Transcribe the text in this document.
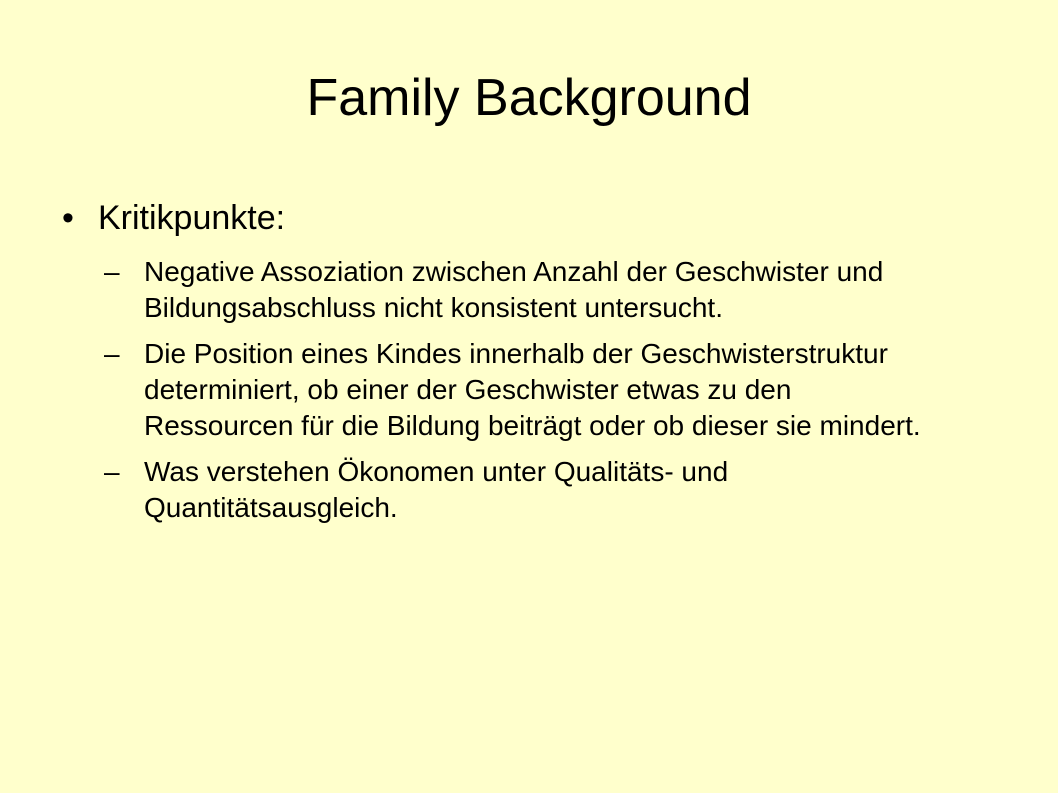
Family Background
• Kritikpunkte:
– Negative Assoziation zwischen Anzahl der Geschwister und Bildungsabschluss nicht konsistent untersucht.
– Die Position eines Kindes innerhalb der Geschwisterstruktur determiniert, ob einer der Geschwister etwas zu den Ressourcen für die Bildung beiträgt oder ob dieser sie mindert.
– Was verstehen Ökonomen unter Qualitäts- und Quantitätsausgleich.
